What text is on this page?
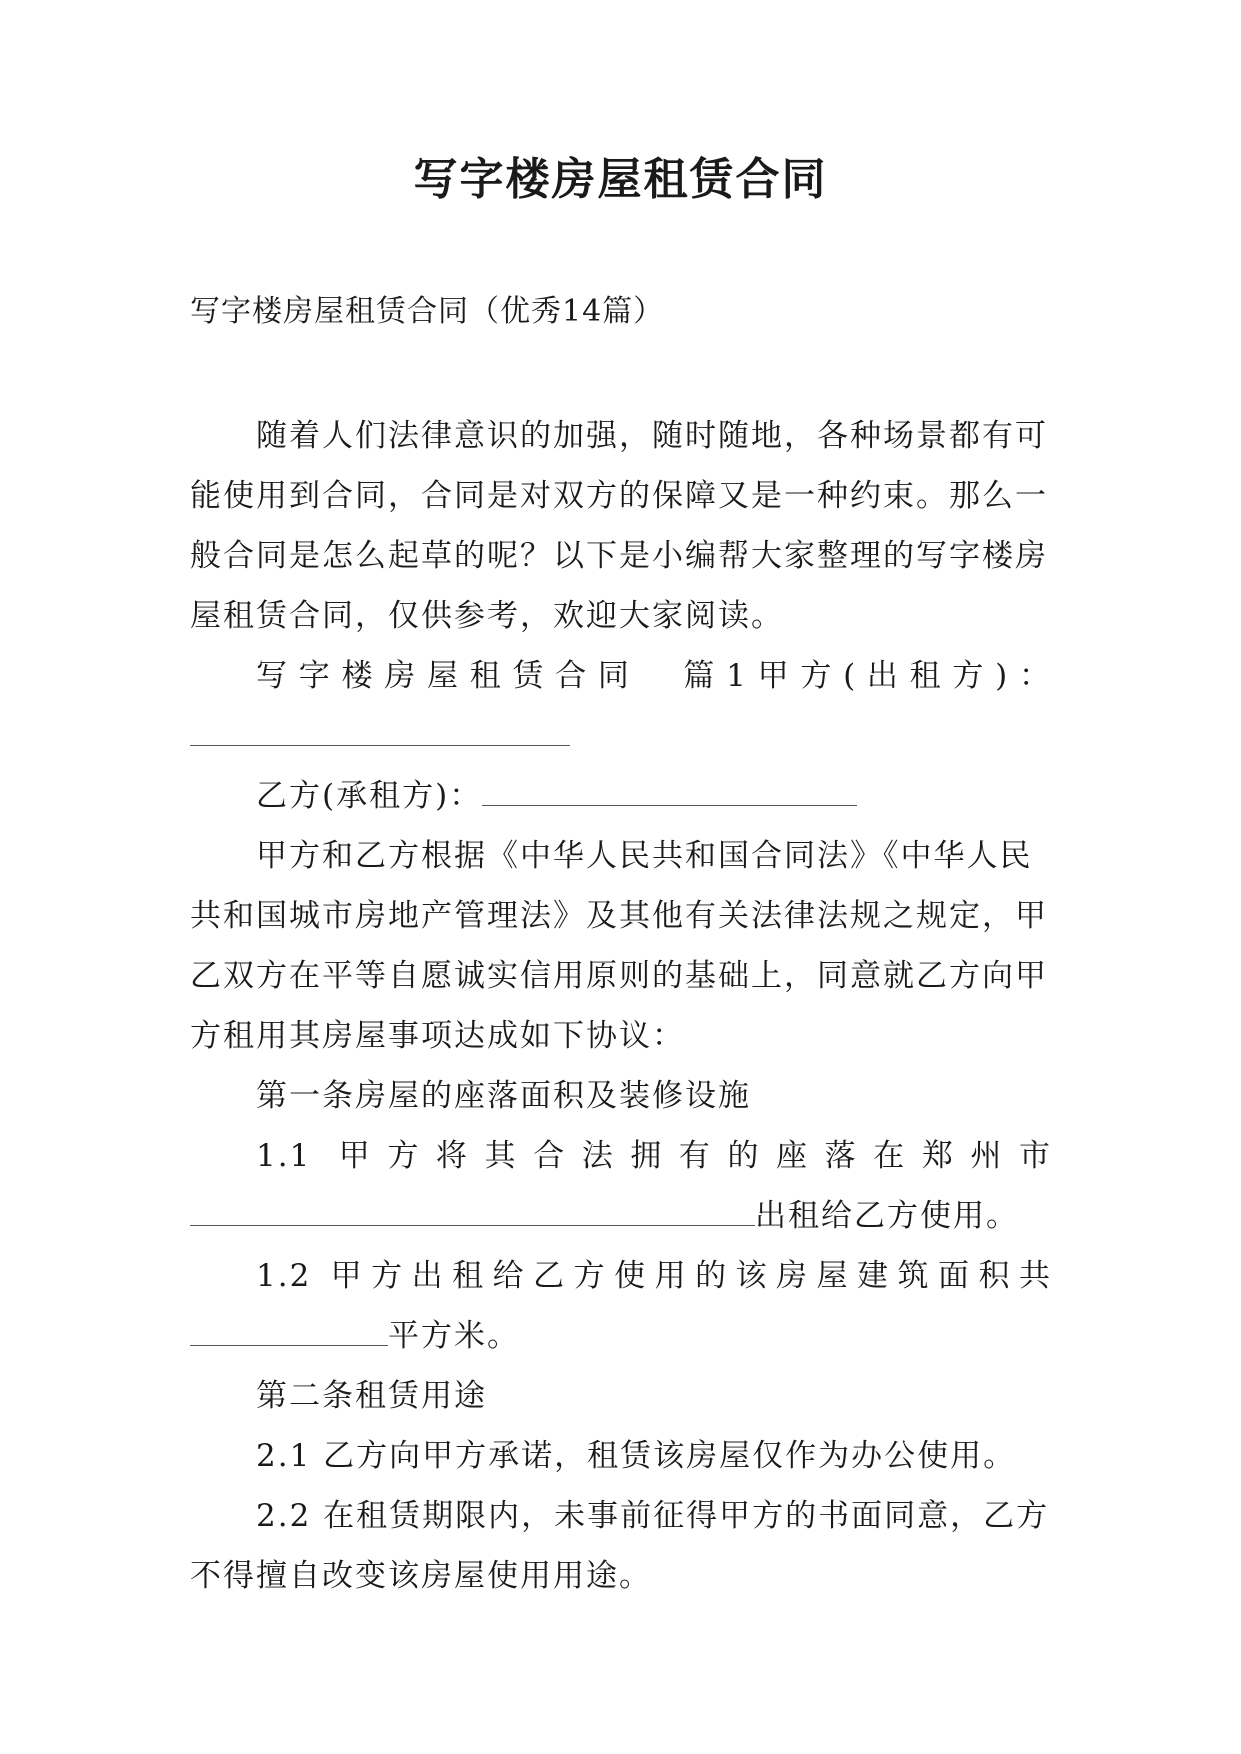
写字楼房屋租赁合同
写字楼房屋租赁合同（优秀14篇）

随着人们法律意识的加强，随时随地，各种场景都有可能使用到合同，合同是对双方的保障又是一种约束。那么一般合同是怎么起草的呢？以下是小编帮大家整理的写字楼房屋租赁合同，仅供参考，欢迎大家阅读。

写字楼房屋租赁合同　篇1甲方(出租方)：

乙方(承租方)：

甲方和乙方根据《中华人民共和国合同法》《中华人民共和国城市房地产管理法》及其他有关法律法规之规定，甲乙双方在平等自愿诚实信用原则的基础上，同意就乙方向甲方租用其房屋事项达成如下协议：

第一条房屋的座落面积及装修设施

1.1 甲方将其合法拥有的座落在郑州市

出租给乙方使用。

1.2 甲方出租给乙方使用的该房屋建筑面积共

平方米。

第二条租赁用途

2.1 乙方向甲方承诺，租赁该房屋仅作为办公使用。

2.2 在租赁期限内，未事前征得甲方的书面同意，乙方不得擅自改变该房屋使用用途。
